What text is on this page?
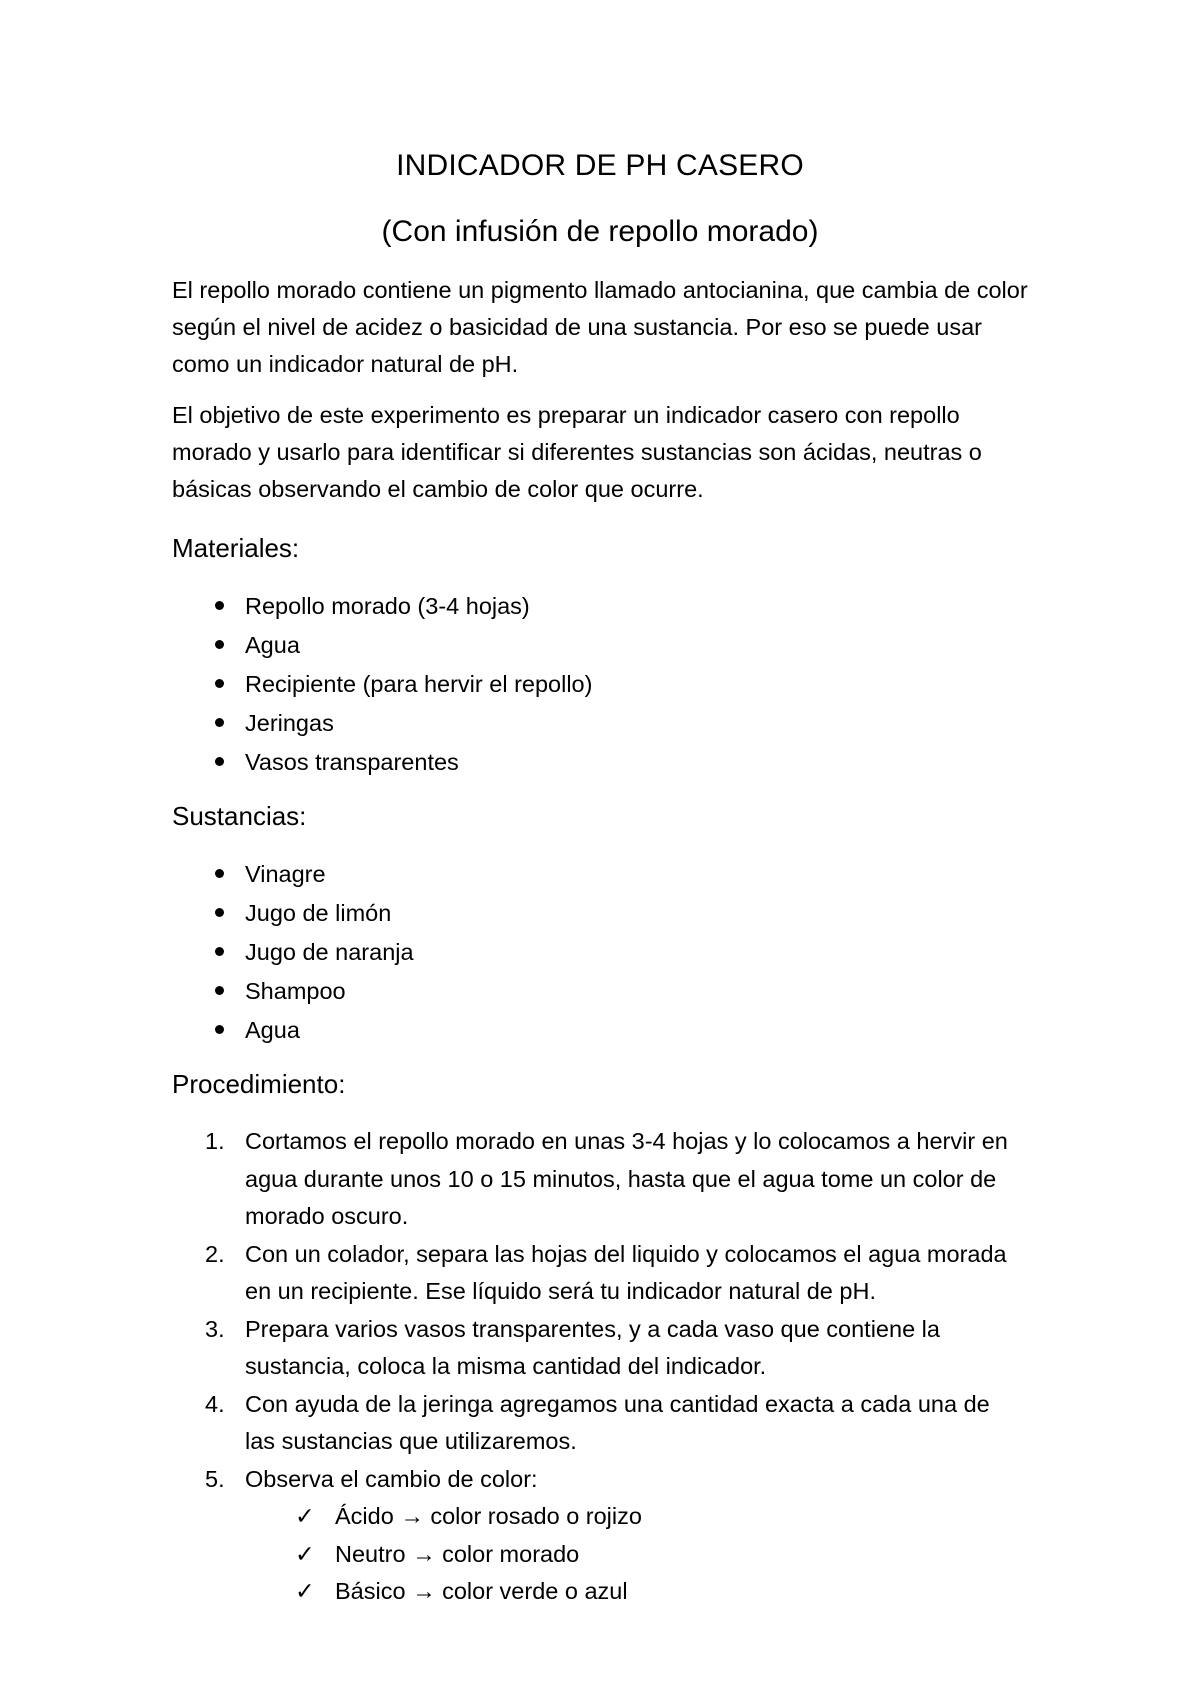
INDICADOR DE PH CASERO
(Con infusión de repollo morado)
El repollo morado contiene un pigmento llamado antocianina, que cambia de color según el nivel de acidez o basicidad de una sustancia. Por eso se puede usar como un indicador natural de pH.
El objetivo de este experimento es preparar un indicador casero con repollo morado y usarlo para identificar si diferentes sustancias son ácidas, neutras o básicas observando el cambio de color que ocurre.
Materiales:
Repollo morado (3-4 hojas)
Agua
Recipiente (para hervir el repollo)
Jeringas
Vasos transparentes
Sustancias:
Vinagre
Jugo de limón
Jugo de naranja
Shampoo
Agua
Procedimiento:
1. Cortamos el repollo morado en unas 3-4 hojas y lo colocamos a hervir en agua durante unos 10 o 15 minutos, hasta que el agua tome un color de morado oscuro.
2. Con un colador, separa las hojas del liquido y colocamos el agua morada en un recipiente. Ese líquido será tu indicador natural de pH.
3. Prepara varios vasos transparentes, y a cada vaso que contiene la sustancia, coloca la misma cantidad del indicador.
4. Con ayuda de la jeringa agregamos una cantidad exacta a cada una de las sustancias que utilizaremos.
5. Observa el cambio de color:
✓ Ácido → color rosado o rojizo
✓ Neutro → color morado
✓ Básico → color verde o azul
